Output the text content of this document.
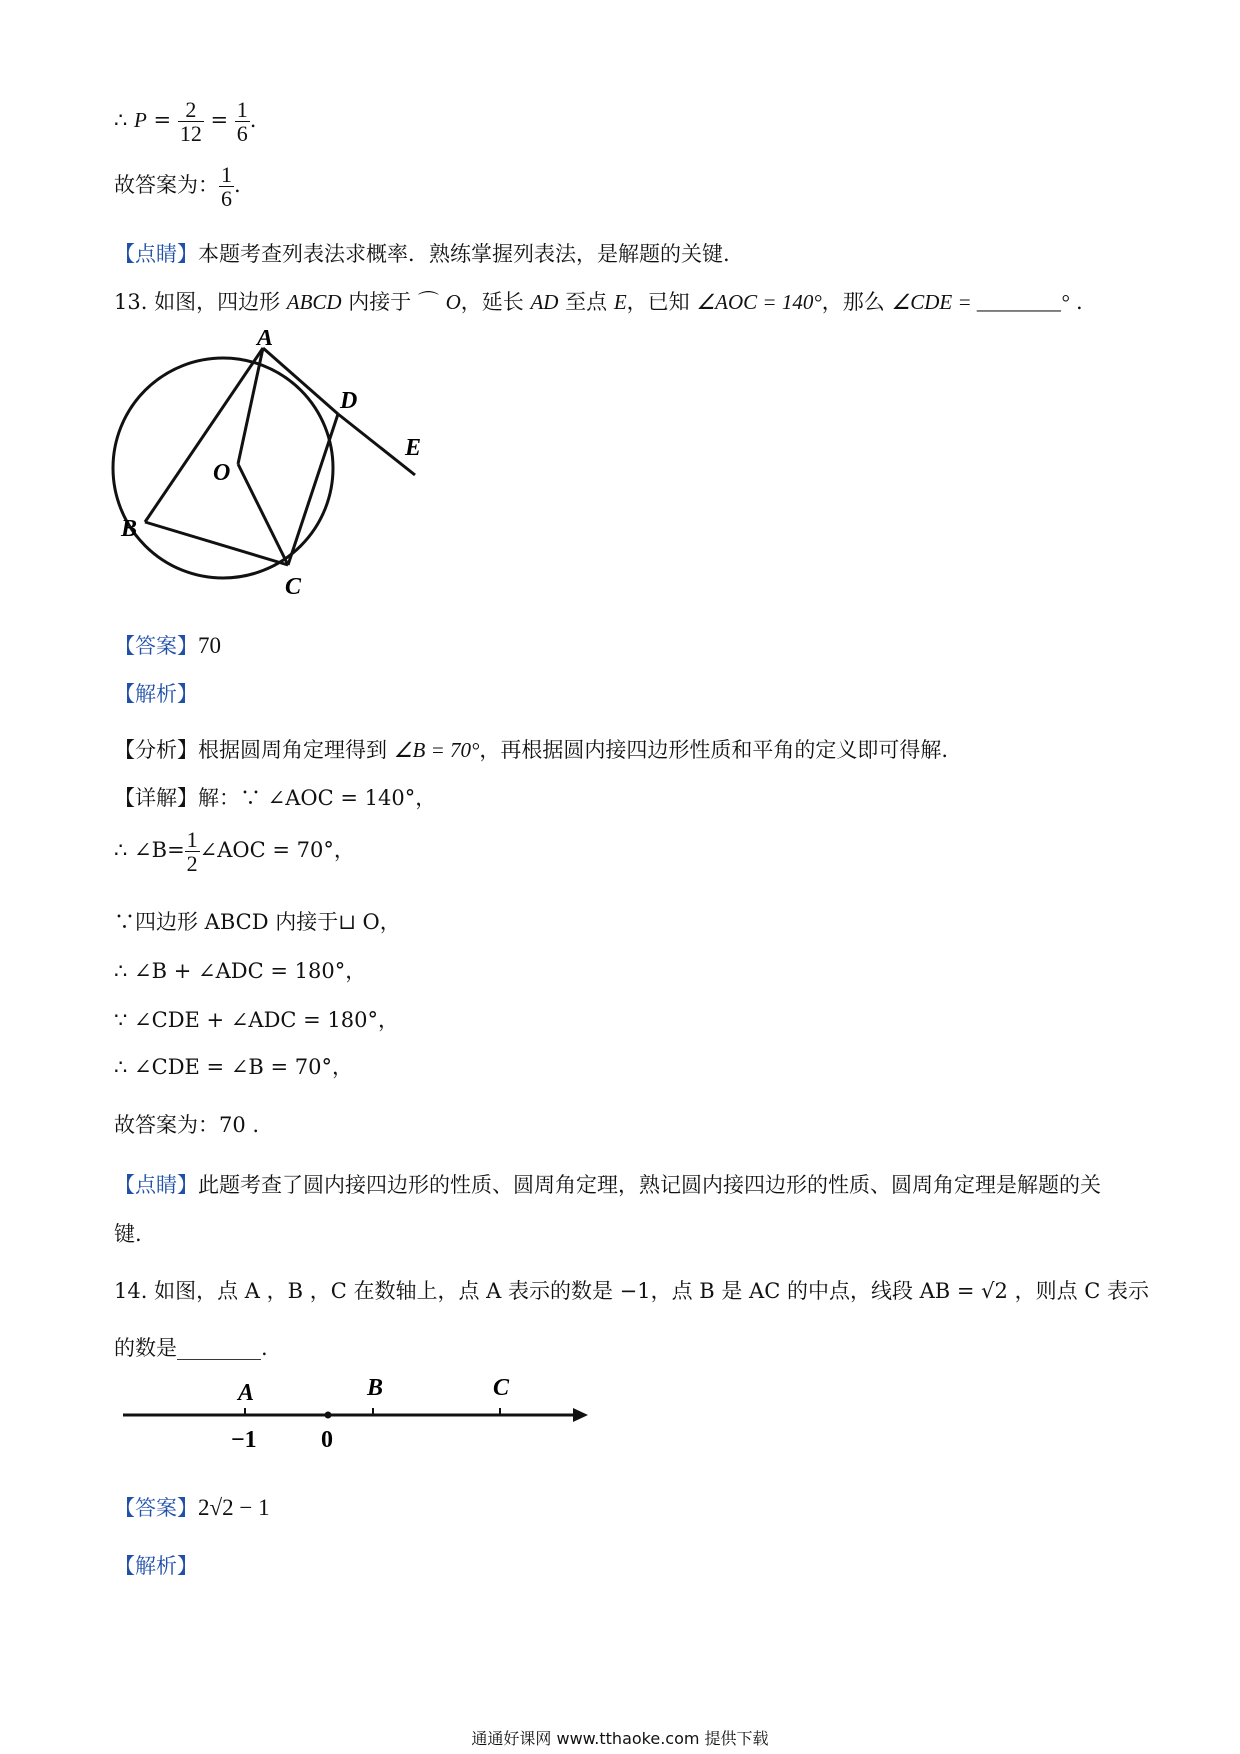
∴ $P = \frac{2}{12} = \frac{1}{6}$ .
故答案为： $\frac{1}{6}$ .
【点睛】本题考查列表法求概率．熟练掌握列表法，是解题的关键.
13. 如图，四边形 ABCD 内接于 ⌒ O，延长 AD 至点 E，已知 ∠AOC = 140°，那么 ∠CDE = ________° .
A
B
C
D
E
O
【答案】70
【解析】
【分析】根据圆周角定理得到 ∠B = 70°，再根据圆内接四边形性质和平角的定义即可得解.
【详解】解：∵ ∠AOC = 140°，
∴ ∠B= $\frac{1}{2}$ ∠AOC = 70°，
∵四边形 ABCD 内接于⊔ O，
∴ ∠B + ∠ADC = 180°，
∵ ∠CDE + ∠ADC = 180°，
∴ ∠CDE = ∠B = 70°，
故答案为：70 .
【点睛】此题考查了圆内接四边形的性质、圆周角定理，熟记圆内接四边形的性质、圆周角定理是解题的关
键.
14. 如图，点 A ，B ，C 在数轴上，点 A 表示的数是 −1，点 B 是 AC 的中点，线段 AB = √2 ，则点 C 表示
的数是________.
A	B	C
−1	0
【答案】2√2 − 1
【解析】
通通好课网 www.tthaoke.com 提供下载
